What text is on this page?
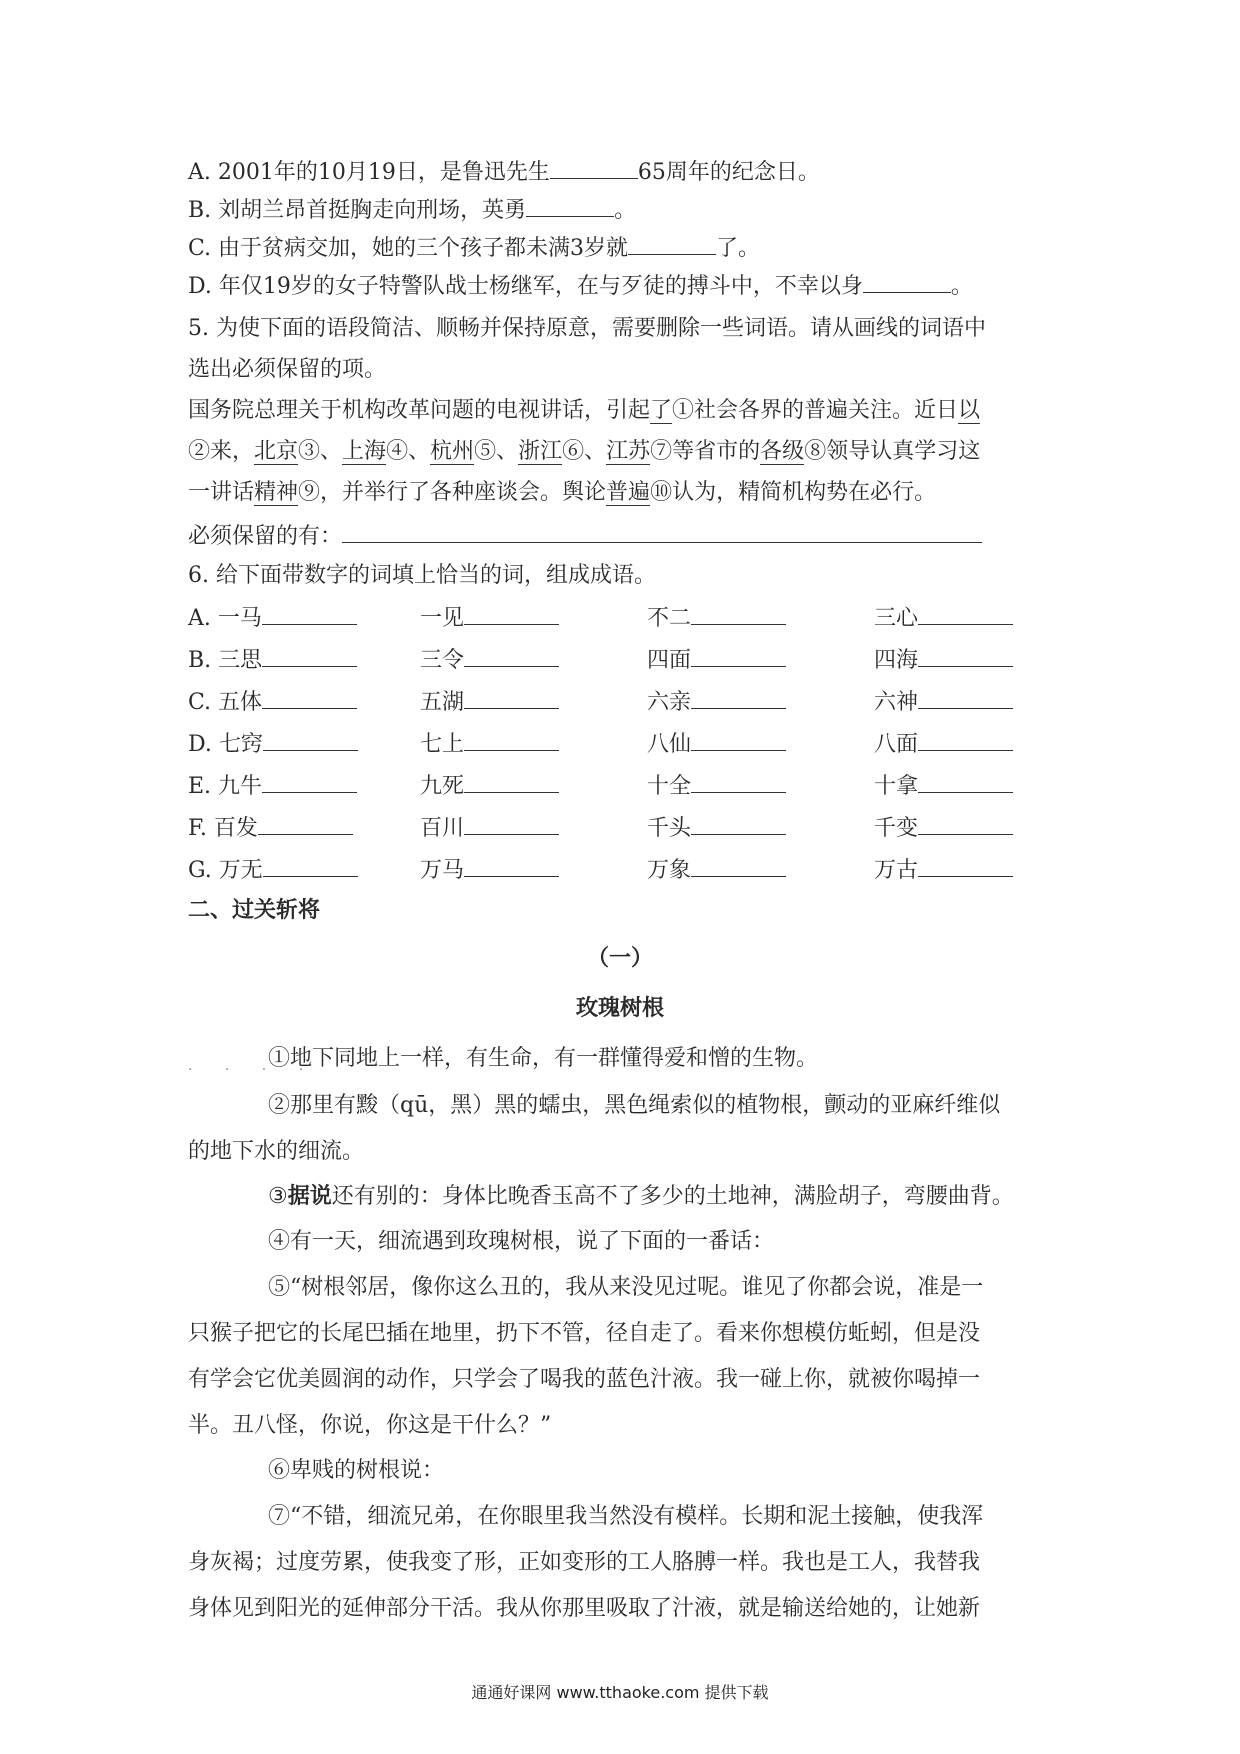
A. 2001年的10月19日，是鲁迅先生	65周年的纪念日。
B. 刘胡兰昂首挺胸走向刑场，英勇	。
C. 由于贫病交加，她的三个孩子都未满3岁就	了。
D. 年仅19岁的女子特警队战士杨继军，在与歹徒的搏斗中，不幸以身	。
5. 为使下面的语段简洁、顺畅并保持原意，需要删除一些词语。请从画线的词语中
选出必须保留的项。
国务院总理关于机构改革问题的电视讲话，引起了①社会各界的普遍关注。近日以
②来，北京③、上海④、杭州⑤、浙江⑥、江苏⑦等省市的各级⑧领导认真学习这
一讲话精神⑨，并举行了各种座谈会。舆论普遍⑩认为，精简机构势在必行。
必须保留的有：
6. 给下面带数字的词填上恰当的词，组成成语。
A. 一马	一见	不二	三心
B. 三思	三令	四面	四海
C. 五体	五湖	六亲	六神
D. 七窍	七上	八仙	八面
E. 九牛	九死	十全	十拿
F. 百发	百川	千头	千变
G. 万无	万马	万象	万古
二、过关斩将
（一）
玫瑰树根
· · · ·
①地下同地上一样，有生命，有一群懂得爱和憎的生物。
②那里有黢（qū，黑）黑的蠕虫，黑色绳索似的植物根，颤动的亚麻纤维似
的地下水的细流。
③据说还有别的：身体比晚香玉高不了多少的土地神，满脸胡子，弯腰曲背。
④有一天，细流遇到玫瑰树根，说了下面的一番话：
⑤“树根邻居，像你这么丑的，我从来没见过呢。谁见了你都会说，准是一
只猴子把它的长尾巴插在地里，扔下不管，径自走了。看来你想模仿蚯蚓，但是没
有学会它优美圆润的动作，只学会了喝我的蓝色汁液。我一碰上你，就被你喝掉一
半。丑八怪，你说，你这是干什么？”
⑥卑贱的树根说：
⑦“不错，细流兄弟，在你眼里我当然没有模样。长期和泥土接触，使我浑
身灰褐；过度劳累，使我变了形，正如变形的工人胳膊一样。我也是工人，我替我
身体见到阳光的延伸部分干活。我从你那里吸取了汁液，就是输送给她的，让她新
通通好课网 www.tthaoke.com 提供下载
